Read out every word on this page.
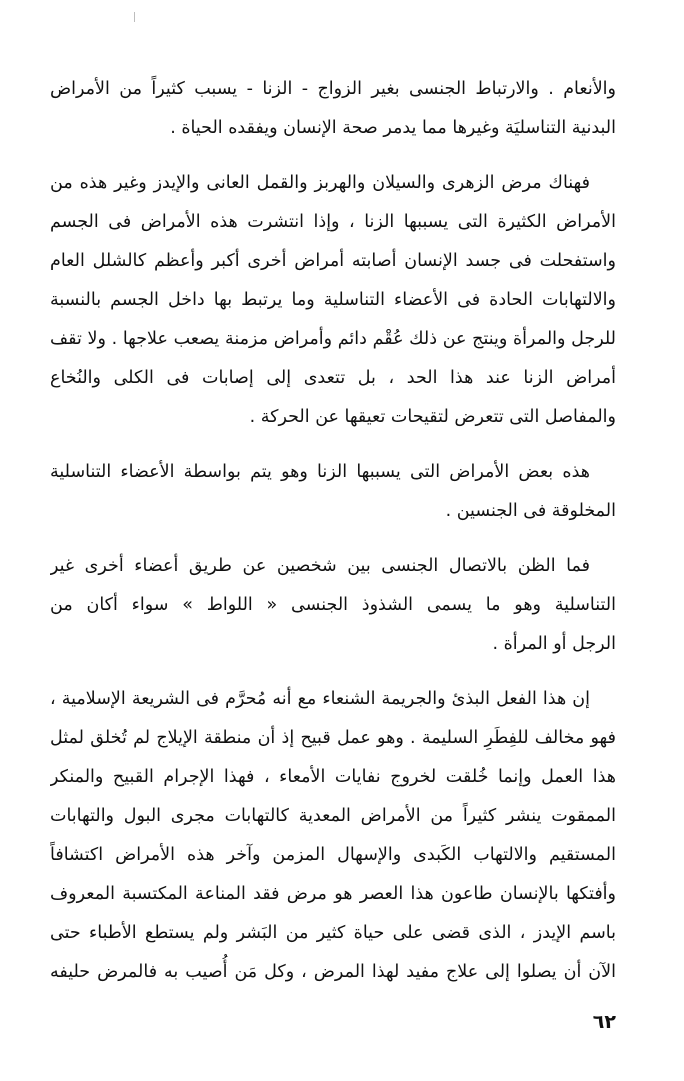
والأنعام . والارتباط الجنسى بغير الزواج - الزنا - يسبب كثيراً من الأمراض
البدنية التناسليَة وغيرها مما يدمر صحة الإنسان ويفقده الحياة .
فهناك مرض الزهرى والسيلان والهربز والقمل العانى والإيدز وغير هذه من
الأمراض الكثيرة التى يسببها الزنا ، وإذا انتشرت هذه الأمراض فى الجسم
واستفحلت فى جسد الإنسان أصابته أمراض أخرى أكبر وأعظم كالشلل العام
والالتهابات الحادة فى الأعضاء التناسلية وما يرتبط بها داخل الجسم بالنسبة
للرجل والمرأة وينتج عن ذلك عُقْم دائم وأمراض مزمنة يصعب علاجها . ولا تقف
أمراض الزنا عند هذا الحد ، بل تتعدى إلى إصابات فى الكلى والنُخاع
والمفاصل التى تتعرض لتقيحات تعيقها عن الحركة .
هذه بعض الأمراض التى يسببها الزنا وهو يتم بواسطة الأعضاء التناسلية
المخلوقة فى الجنسين .
فما الظن بالاتصال الجنسى بين شخصين عن طريق أعضاء أخرى غير
التناسلية وهو ما يسمى الشذوذ الجنسى « اللواط » سواء أكان من
الرجل أو المرأة .
إن هذا الفعل البذئ والجريمة الشنعاء مع أنه مُحرَّم فى الشريعة الإسلامية ،
فهو مخالف للفِطَرِ السليمة . وهو عمل قبيح إذ أن منطقة الإيلاج لم تُخلق لمثل
هذا العمل وإنما خُلقت لخروج نفايات الأمعاء ، فهذا الإجرام القبيح والمنكر
الممقوت ينشر كثيراً من الأمراض المعدية كالتهابات مجرى البول والتهابات
المستقيم والالتهاب الكَبدى والإسهال المزمن وآخر هذه الأمراض اكتشافاً
وأفتكها بالإنسان طاعون هذا العصر هو مرض فقد المناعة المكتسبة المعروف
باسم الإيدز ، الذى قضى على حياة كثير من البَشر ولم يستطع الأطباء حتى
الآن أن يصلوا إلى علاج مفيد لهذا المرض ، وكل مَن أُصيب به فالمرض حليفه
٦٢
